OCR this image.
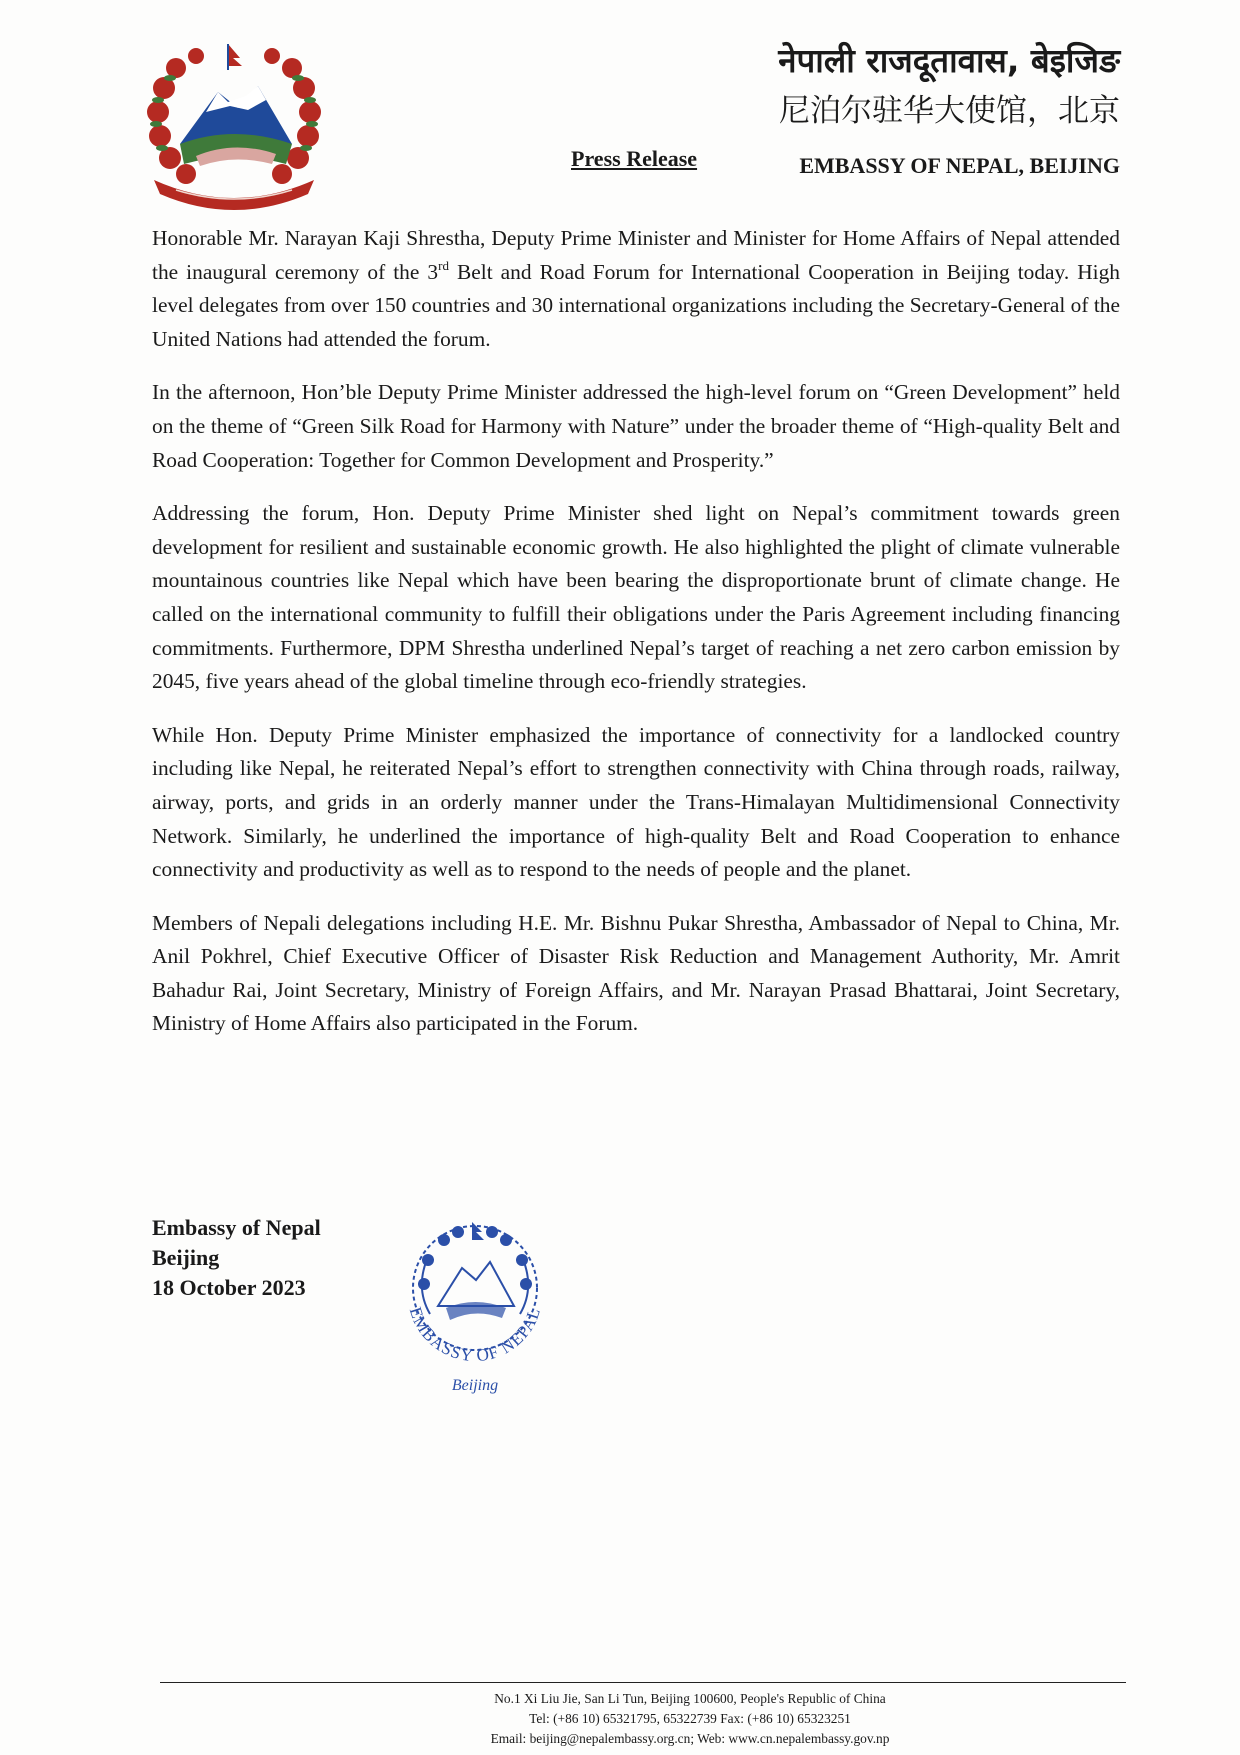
Press Release
नेपाली राजदूतावास, बेइजिङ
尼泊尔驻华大使馆，北京
EMBASSY OF NEPAL, BEIJING

Honorable Mr. Narayan Kaji Shrestha, Deputy Prime Minister and Minister for Home Affairs of Nepal attended the inaugural ceremony of the 3rd Belt and Road Forum for International Cooperation in Beijing today. High level delegates from over 150 countries and 30 international organizations including the Secretary-General of the United Nations had attended the forum.

In the afternoon, Hon’ble Deputy Prime Minister addressed the high-level forum on “Green Development” held on the theme of “Green Silk Road for Harmony with Nature” under the broader theme of “High-quality Belt and Road Cooperation: Together for Common Development and Prosperity.”

Addressing the forum, Hon. Deputy Prime Minister shed light on Nepal’s commitment towards green development for resilient and sustainable economic growth. He also highlighted the plight of climate vulnerable mountainous countries like Nepal which have been bearing the disproportionate brunt of climate change. He called on the international community to fulfill their obligations under the Paris Agreement including financing commitments. Furthermore, DPM Shrestha underlined Nepal’s target of reaching a net zero carbon emission by 2045, five years ahead of the global timeline through eco-friendly strategies.

While Hon. Deputy Prime Minister emphasized the importance of connectivity for a landlocked country including like Nepal, he reiterated Nepal’s effort to strengthen connectivity with China through roads, railway, airway, ports, and grids in an orderly manner under the Trans-Himalayan Multidimensional Connectivity Network. Similarly, he underlined the importance of high-quality Belt and Road Cooperation to enhance connectivity and productivity as well as to respond to the needs of people and the planet.

Members of Nepali delegations including H.E. Mr. Bishnu Pukar Shrestha, Ambassador of Nepal to China, Mr. Anil Pokhrel, Chief Executive Officer of Disaster Risk Reduction and Management Authority, Mr. Amrit Bahadur Rai, Joint Secretary, Ministry of Foreign Affairs, and Mr. Narayan Prasad Bhattarai, Joint Secretary, Ministry of Home Affairs also participated in the Forum.

Embassy of Nepal
Beijing
18 October 2023
EMBASSY OF NEPAL
Beijing
No.1 Xi Liu Jie, San Li Tun, Beijing 100600, People's Republic of China
Tel: (+86 10) 65321795, 65322739 Fax: (+86 10) 65323251
Email: beijing@nepalembassy.org.cn; Web: www.cn.nepalembassy.gov.np
